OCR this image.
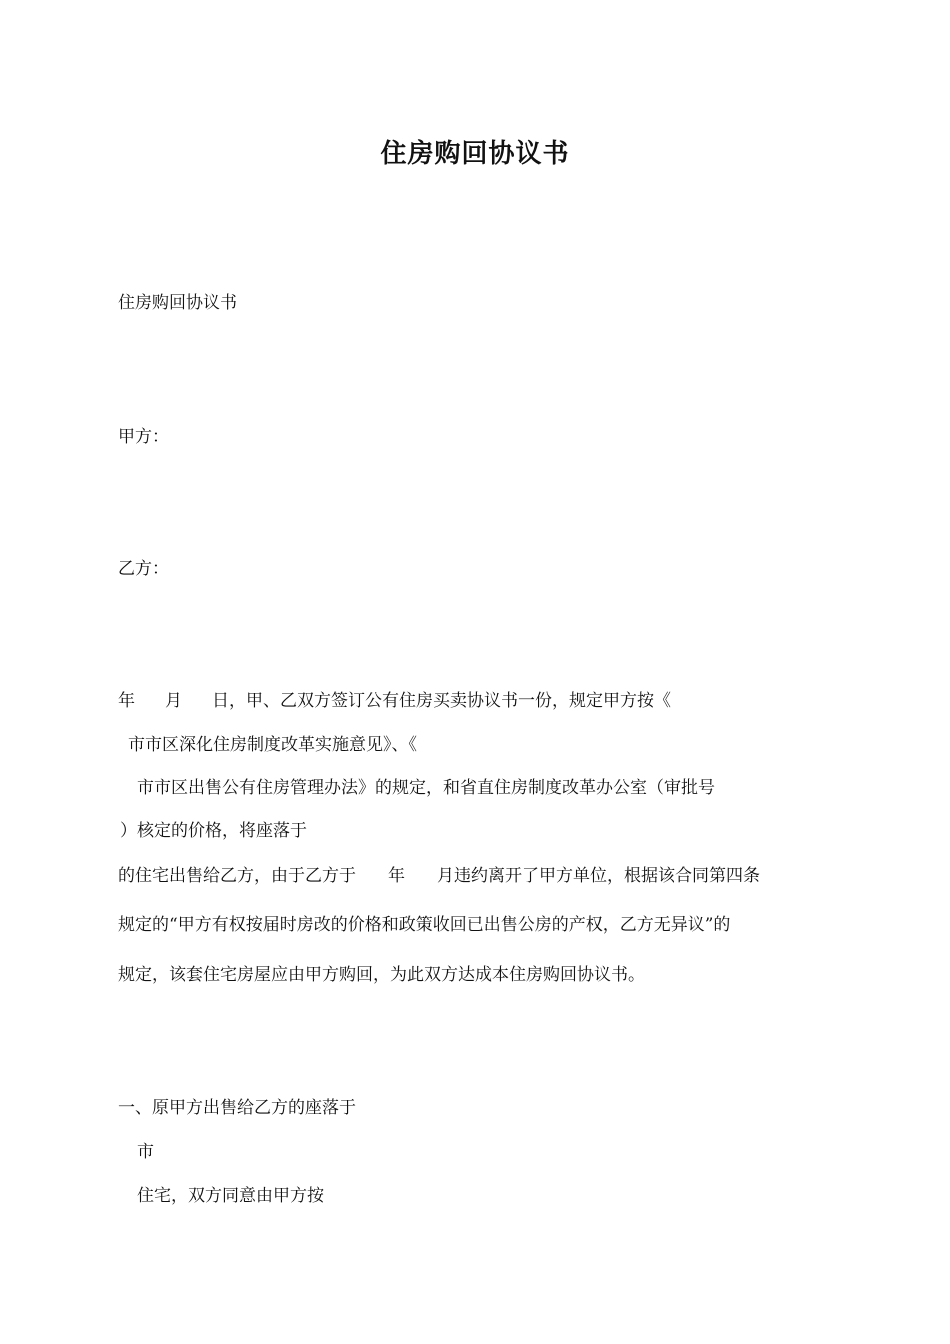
住房购回协议书
住房购回协议书
甲方：
乙方：
年 月 日，甲、乙双方签订公有住房买卖协议书一份，规定甲方按《
市市区深化住房制度改革实施意见》、《
市市区出售公有住房管理办法》的规定，和省直住房制度改革办公室（审批号
）核定的价格，将座落于
的住宅出售给乙方，由于乙方于 年 月违约离开了甲方单位，根据该合同第四条
规定的“甲方有权按届时房改的价格和政策收回已出售公房的产权，乙方无异议”的
规定，该套住宅房屋应由甲方购回，为此双方达成本住房购回协议书。
一、原甲方出售给乙方的座落于
市
住宅，双方同意由甲方按
